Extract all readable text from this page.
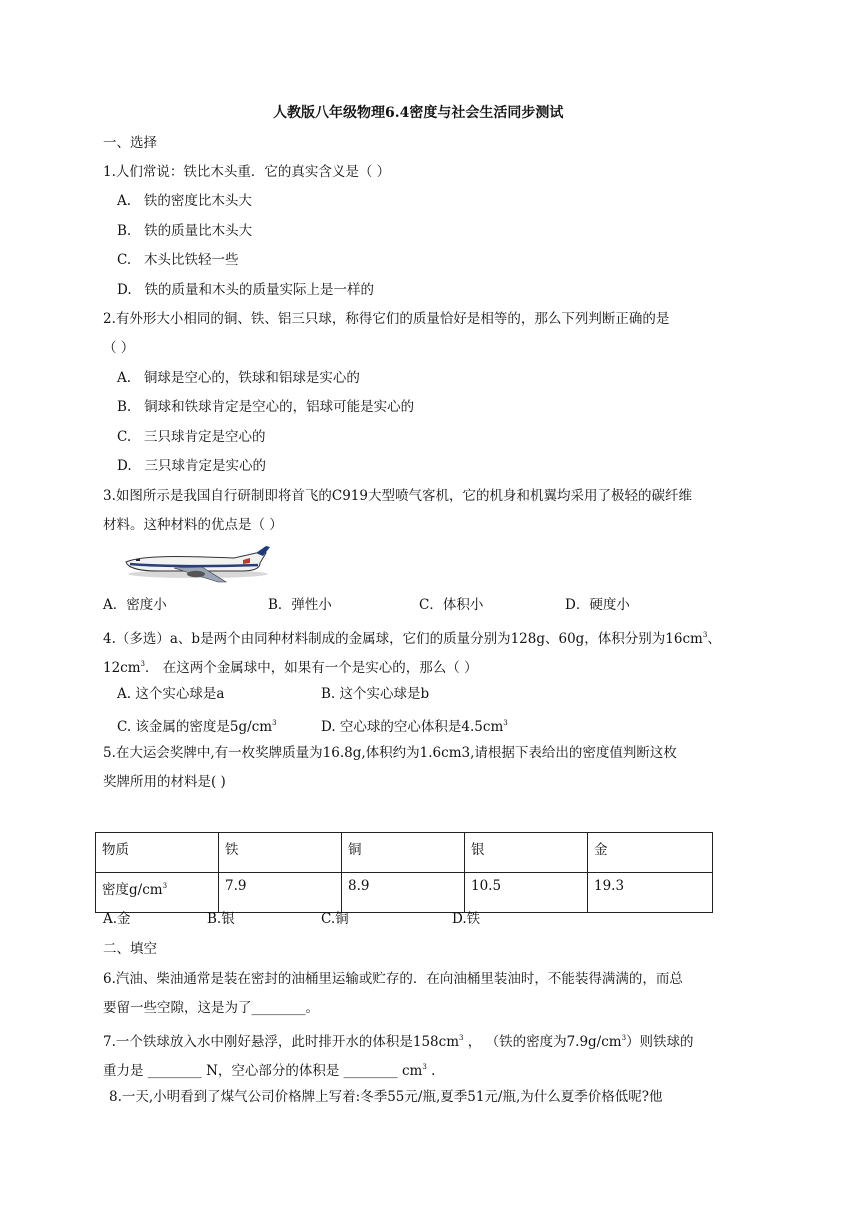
人教版八年级物理6.4密度与社会生活同步测试
一、选择
1.人们常说：铁比木头重．它的真实含义是（ ）
A. 铁的密度比木头大
B. 铁的质量比木头大
C. 木头比铁轻一些
D. 铁的质量和木头的质量实际上是一样的
2.有外形大小相同的铜、铁、铝三只球，称得它们的质量恰好是相等的，那么下列判断正确的是
（ ）
A. 铜球是空心的，铁球和铝球是实心的
B. 铜球和铁球肯定是空心的，铝球可能是实心的
C. 三只球肯定是空心的
D. 三只球肯定是实心的
3.如图所示是我国自行研制即将首飞的C919大型喷气客机，它的机身和机翼均采用了极轻的碳纤维
材料。这种材料的优点是（ ）
A．密度小	B．弹性小	C．体积小	D．硬度小
4.（多选）a、b是两个由同种材料制成的金属球，它们的质量分别为128g、60g，体积分别为$16cm^3$、
$12cm^3$． 在这两个金属球中，如果有一个是实心的，那么（ ）
A. 这个实心球是a	B. 这个实心球是b
C. 该金属的密度是$5g/cm^3$	D. 空心球的空心体积是$4.5cm^3$
5.在大运会奖牌中,有一枚奖牌质量为16.8g,体积约为1.6cm3,请根据下表给出的密度值判断这枚
奖牌所用的材料是( )
物质	铁	铜	银	金
密度$g/cm^3$	7.9	8.9	10.5	19.3
A.金	B.银	C.铜	D.铁
二、填空
6.汽油、柴油通常是装在密封的油桶里运输或贮存的．在向油桶里装油时，不能装得满满的，而总
要留一些空隙，这是为了________。
7.一个铁球放入水中刚好悬浮，此时排开水的体积是$158cm^3$ ， （铁的密度为$7.9g/cm^3$）则铁球的
重力是 ________ N，空心部分的体积是 ________ $cm^3$ .
8.一天,小明看到了煤气公司价格牌上写着:冬季55元/瓶,夏季51元/瓶,为什么夏季价格低呢?他
